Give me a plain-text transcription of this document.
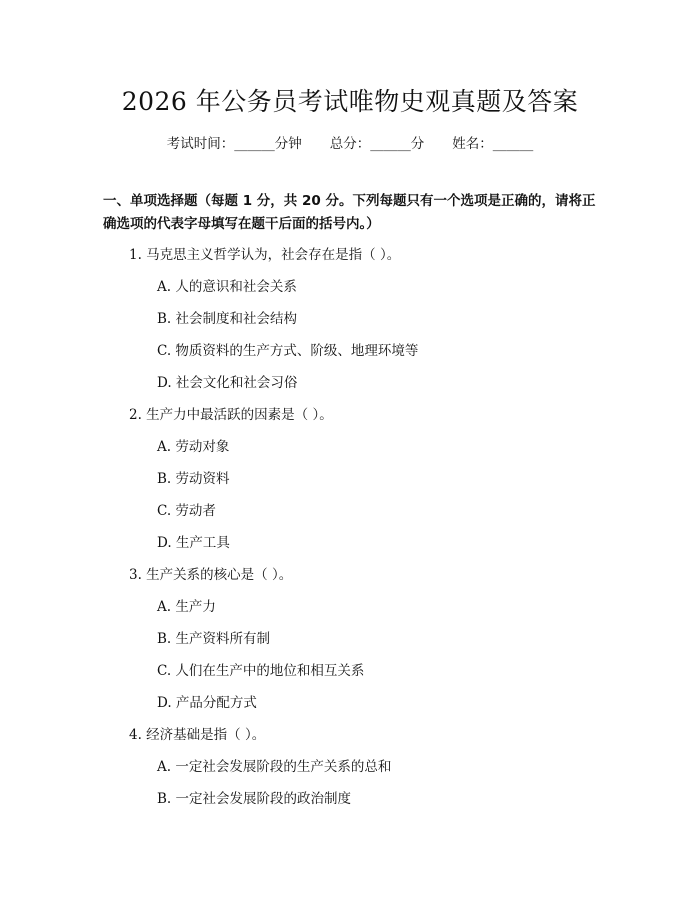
2026 年公务员考试唯物史观真题及答案
考试时间：______分钟 总分：______分 姓名：______
一、单项选择题（每题 1 分，共 20 分。下列每题只有一个选项是正确的，请将正确选项的代表字母填写在题干后面的括号内。）
1. 马克思主义哲学认为，社会存在是指（ ）。
A. 人的意识和社会关系
B. 社会制度和社会结构
C. 物质资料的生产方式、阶级、地理环境等
D. 社会文化和社会习俗
2. 生产力中最活跃的因素是（ ）。
A. 劳动对象
B. 劳动资料
C. 劳动者
D. 生产工具
3. 生产关系的核心是（ ）。
A. 生产力
B. 生产资料所有制
C. 人们在生产中的地位和相互关系
D. 产品分配方式
4. 经济基础是指（ ）。
A. 一定社会发展阶段的生产关系的总和
B. 一定社会发展阶段的政治制度
